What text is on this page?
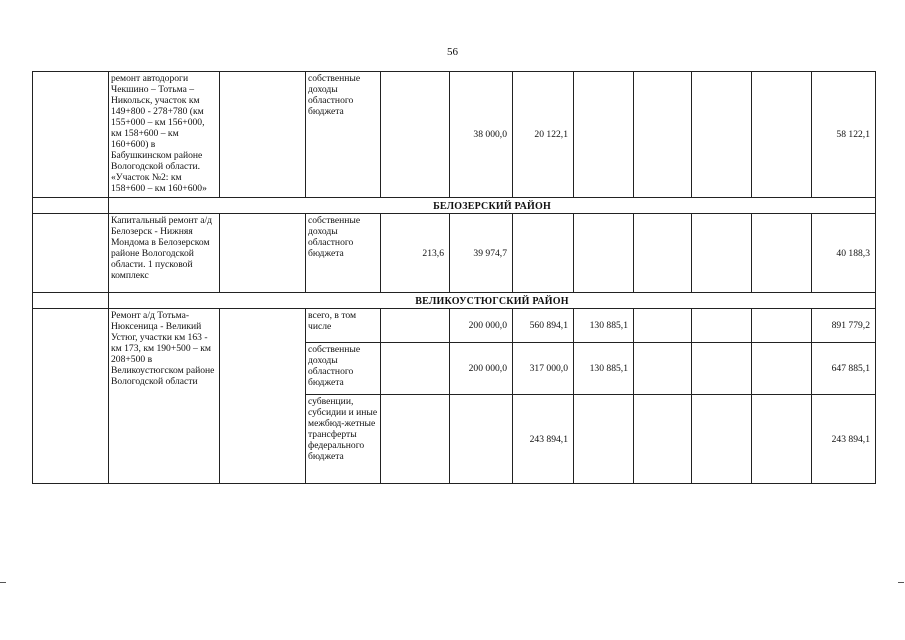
56
	ремонт автодороги Чекшино – Тотьма – Никольск, участок км 149+800 - 278+780 (км 155+000 – км 156+000, км 158+600 – км 160+600) в Бабушкинском районе Вологодской области. «Участок №2: км 158+600 – км 160+600»		собственные доходы областного бюджета		38 000,0	20 122,1					58 122,1
	БЕЛОЗЕРСКИЙ РАЙОН										
	Капитальный ремонт а/д Белозерск - Нижняя Мондома в Белозерском районе Вологодской области. 1 пусковой комплекс		собственные доходы областного бюджета	213,6	39 974,7						40 188,3
	ВЕЛИКОУСТЮГСКИЙ РАЙОН										
	Ремонт а/д Тотьма-Нюксеница - Великий Устюг, участки км 163 - км 173, км 190+500 – км 208+500 в Великоустюгском районе Вологодской области		всего, в том числе		200 000,0	560 894,1	130 885,1				891 779,2
			собственные доходы областного бюджета		200 000,0	317 000,0	130 885,1				647 885,1
			субвенции, субсидии и иные межбюд-жетные трансферты федерального бюджета			243 894,1					243 894,1
